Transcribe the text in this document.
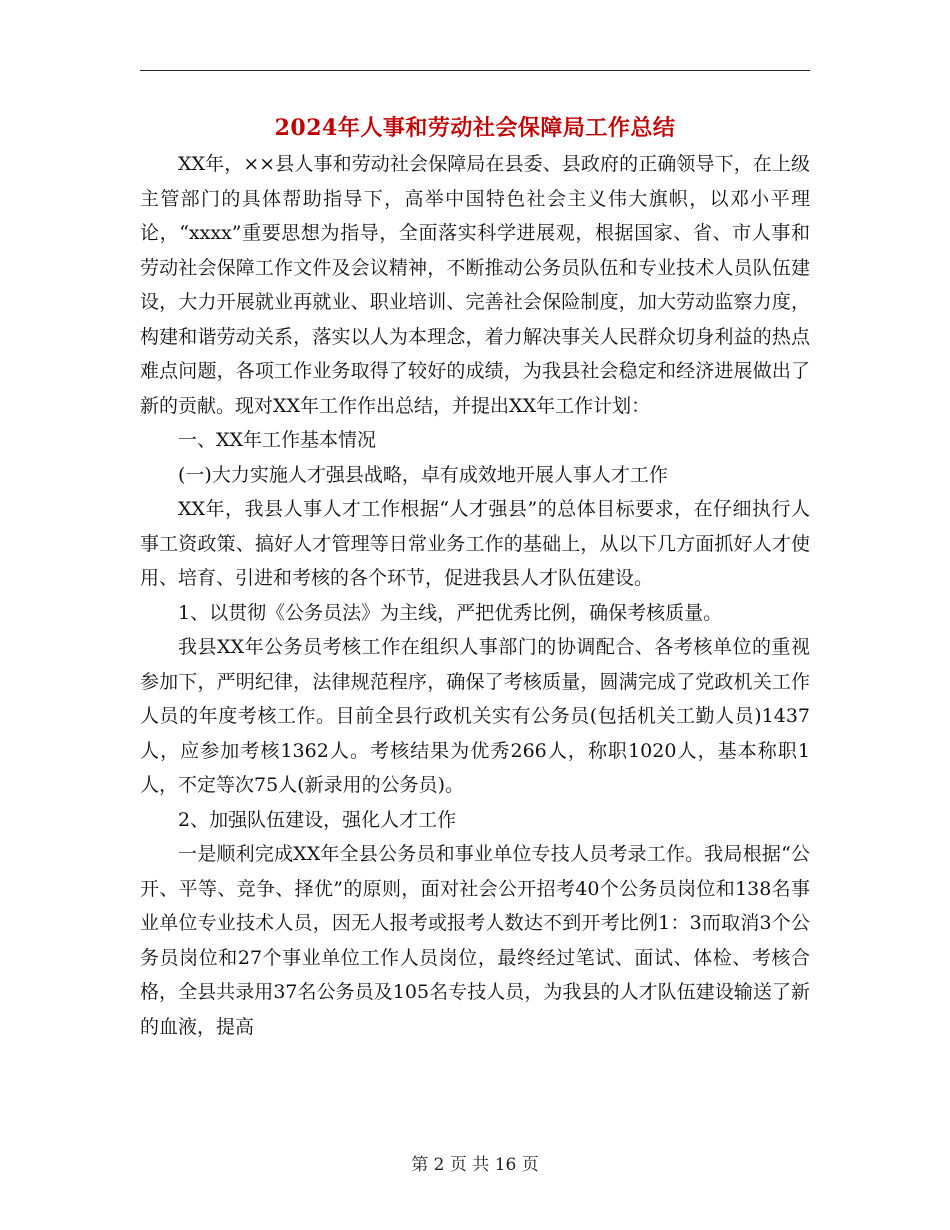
2024年人事和劳动社会保障局工作总结

XX年，××县人事和劳动社会保障局在县委、县政府的正确领导下，在上级主管部门的具体帮助指导下，高举中国特色社会主义伟大旗帜，以邓小平理论，“xxxx”重要思想为指导，全面落实科学进展观，根据国家、省、市人事和劳动社会保障工作文件及会议精神，不断推动公务员队伍和专业技术人员队伍建设，大力开展就业再就业、职业培训、完善社会保险制度，加大劳动监察力度，构建和谐劳动关系，落实以人为本理念，着力解决事关人民群众切身利益的热点难点问题，各项工作业务取得了较好的成绩，为我县社会稳定和经济进展做出了新的贡献。现对XX年工作作出总结，并提出XX年工作计划：

一、XX年工作基本情况

(一)大力实施人才强县战略，卓有成效地开展人事人才工作

XX年，我县人事人才工作根据“人才强县”的总体目标要求，在仔细执行人事工资政策、搞好人才管理等日常业务工作的基础上，从以下几方面抓好人才使用、培育、引进和考核的各个环节，促进我县人才队伍建设。

1、以贯彻《公务员法》为主线，严把优秀比例，确保考核质量。

我县XX年公务员考核工作在组织人事部门的协调配合、各考核单位的重视参加下，严明纪律，法律规范程序，确保了考核质量，圆满完成了党政机关工作人员的年度考核工作。目前全县行政机关实有公务员(包括机关工勤人员)1437人，应参加考核1362人。考核结果为优秀266人，称职1020人，基本称职1人，不定等次75人(新录用的公务员)。

2、加强队伍建设，强化人才工作

一是顺利完成XX年全县公务员和事业单位专技人员考录工作。我局根据“公开、平等、竞争、择优”的原则，面对社会公开招考40个公务员岗位和138名事业单位专业技术人员，因无人报考或报考人数达不到开考比例1：3而取消3个公务员岗位和27个事业单位工作人员岗位，最终经过笔试、面试、体检、考核合格，全县共录用37名公务员及105名专技人员，为我县的人才队伍建设输送了新的血液，提高

第 2 页 共 16 页
